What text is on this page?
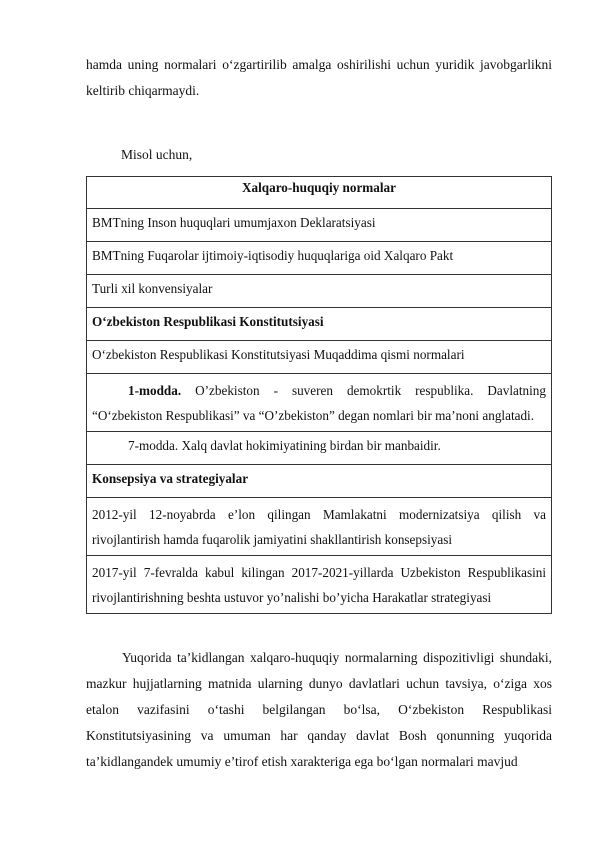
hamda uning normalari o‘zgartirilib amalga oshirilishi uchun yuridik javobgarlikni keltirib chiqarmaydi.

Misol uchun,

Xalqaro-huquqiy normalar
BMTning Inson huquqlari umumjaxon Deklaratsiyasi
BMTning Fuqarolar ijtimoiy-iqtisodiy huquqlariga oid Xalqaro Pakt
Turli xil konvensiyalar
O‘zbekiston Respublikasi Konstitutsiyasi
O‘zbekiston Respublikasi Konstitutsiyasi Muqaddima qismi normalari
1-modda. O’zbekiston - suveren demokrtik respublika. Davlatning “O‘zbekiston Respublikasi” va “O’zbekiston” degan nomlari bir ma’noni anglatadi.
7-modda. Xalq davlat hokimiyatining birdan bir manbaidir.
Konsepsiya va strategiyalar
2012-yil 12-noyabrda e’lon qilingan Mamlakatni modernizatsiya qilish va rivojlantirish hamda fuqarolik jamiyatini shakllantirish konsepsiyasi
2017-yil 7-fevralda kabul kilingan 2017-2021-yillarda Uzbekiston Respublikasini rivojlantirishning beshta ustuvor yo’nalishi bo’yicha Harakatlar strategiyasi

Yuqorida ta’kidlangan xalqaro-huquqiy normalarning dispozitivligi shundaki, mazkur hujjatlarning matnida ularning dunyo davlatlari uchun tavsiya, o‘ziga xos etalon vazifasini o‘tashi belgilangan bo‘lsa, O‘zbekiston Respublikasi Konstitutsiyasining va umuman har qanday davlat Bosh qonunning yuqorida ta’kidlangandek umumiy e’tirof etish xarakteriga ega bo‘lgan normalari mavjud
